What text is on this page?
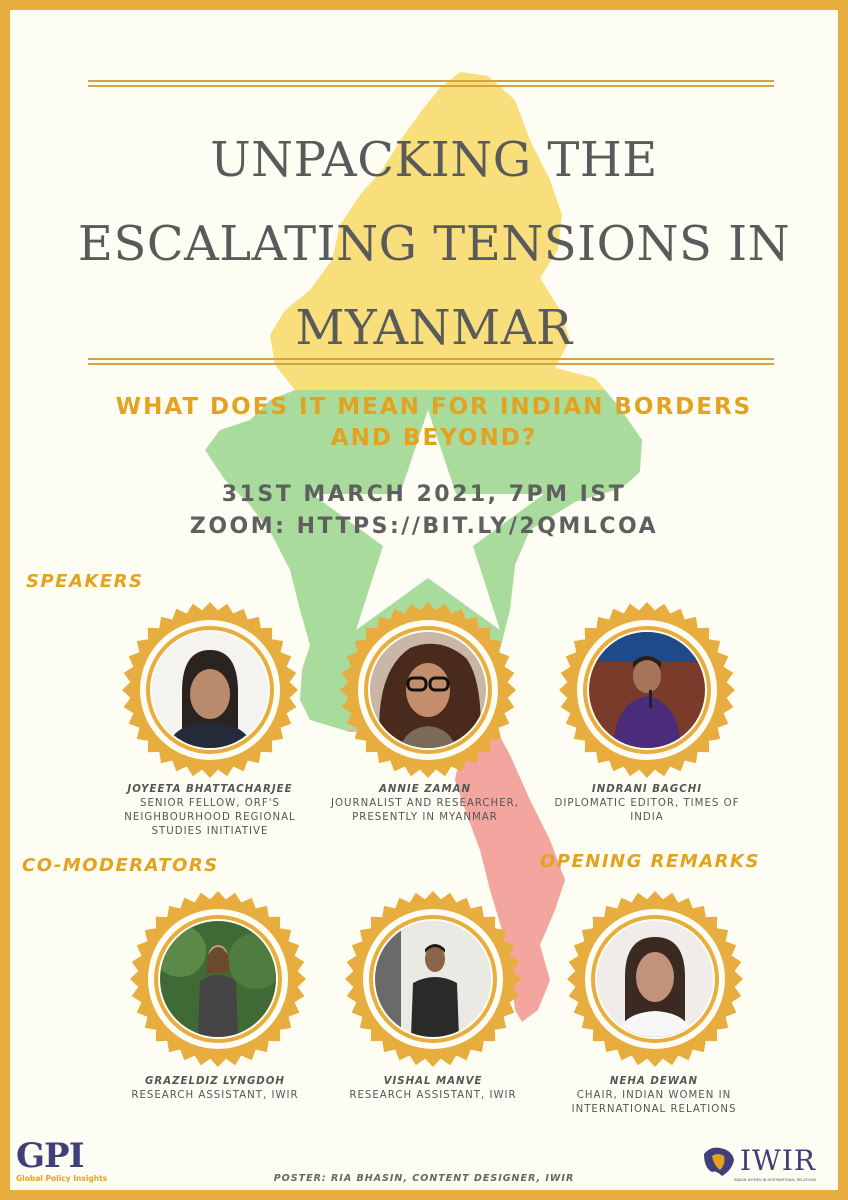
UNPACKING THE
ESCALATING TENSIONS IN
MYANMAR
WHAT DOES IT MEAN FOR INDIAN BORDERS
AND BEYOND?
31ST MARCH 2021, 7PM IST
ZOOM: HTTPS://BIT.LY/2QMLCOA
SPEAKERS
CO-MODERATORS	OPENING REMARKS
JOYEETA BHATTACHARJEE
SENIOR FELLOW, ORF'S
NEIGHBOURHOOD REGIONAL
STUDIES INITIATIVE
ANNIE ZAMAN
JOURNALIST AND RESEARCHER,
PRESENTLY IN MYANMAR
INDRANI BAGCHI
DIPLOMATIC EDITOR, TIMES OF
INDIA
GRAZELDIZ LYNGDOH
RESEARCH ASSISTANT, IWIR
VISHAL MANVE
RESEARCH ASSISTANT, IWIR
NEHA DEWAN
CHAIR, INDIAN WOMEN IN
INTERNATIONAL RELATIONS
GPI
Global Policy Insights
IWIR
INDIAN WOMEN IN INTERNATIONAL RELATIONS
POSTER: RIA BHASIN, CONTENT DESIGNER, IWIR
